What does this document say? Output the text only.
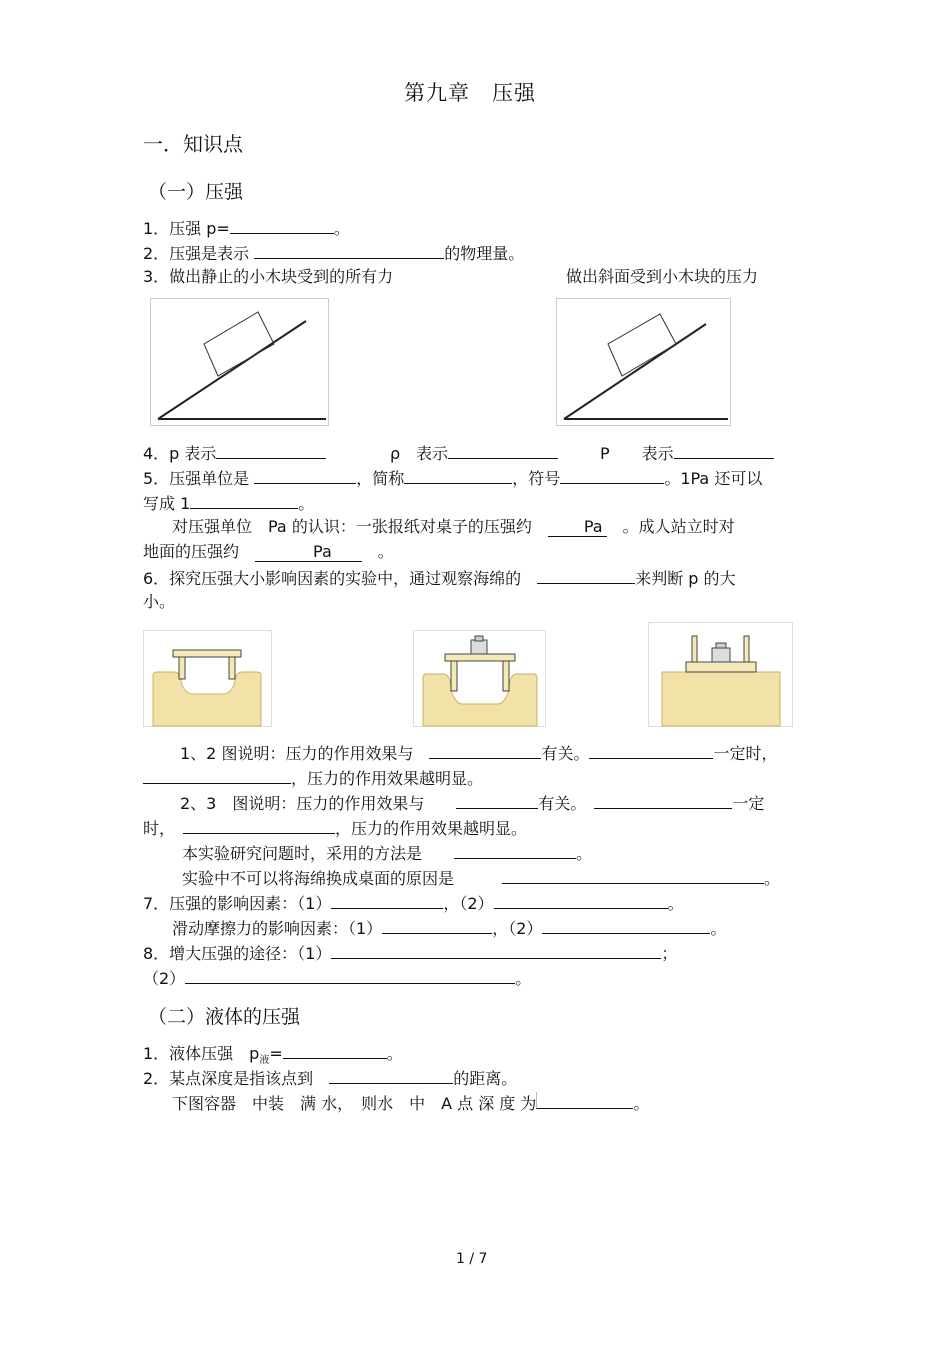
第九章　压强
一．知识点
（一）压强
1．压强 p=	。
2．压强是表示	的物理量。
3．做出静止的小木块受到的所有力	做出斜面受到小木块的压力
4．p 表示	ρ　表示	P　　表示
5．压强单位是	，简称	，符号	。1Pa 还可以
写成 1	。
对压强单位　Pa 的认识：一张报纸对桌子的压强约　	Pa　 。成人站立时对
地面的压强约　	Pa　	。
6．探究压强大小影响因素的实验中，通过观察海绵的　	来判断 p 的大
小。
1、2 图说明：压力的作用效果与　	有关。	一定时，
，压力的作用效果越明显。
2、3　图说明：压力的作用效果与　　	有关。　	一定
时，　	，压力的作用效果越明显。
本实验研究问题时，采用的方法是　　	。
实验中不可以将海绵换成桌面的原因是　　　	。
7．压强的影响因素：（1）	，（2）	。
滑动摩擦力的影响因素：（1）	，（2）	。
8．增大压强的途径：（1）	；
（2）	。
（二）液体的压强
1．液体压强　$p_液=$	。
2．某点深度是指该点到　	的距离。
下图容器　中装　满 水，　则水　中　A 点 深 度 为	。
1 / 7
